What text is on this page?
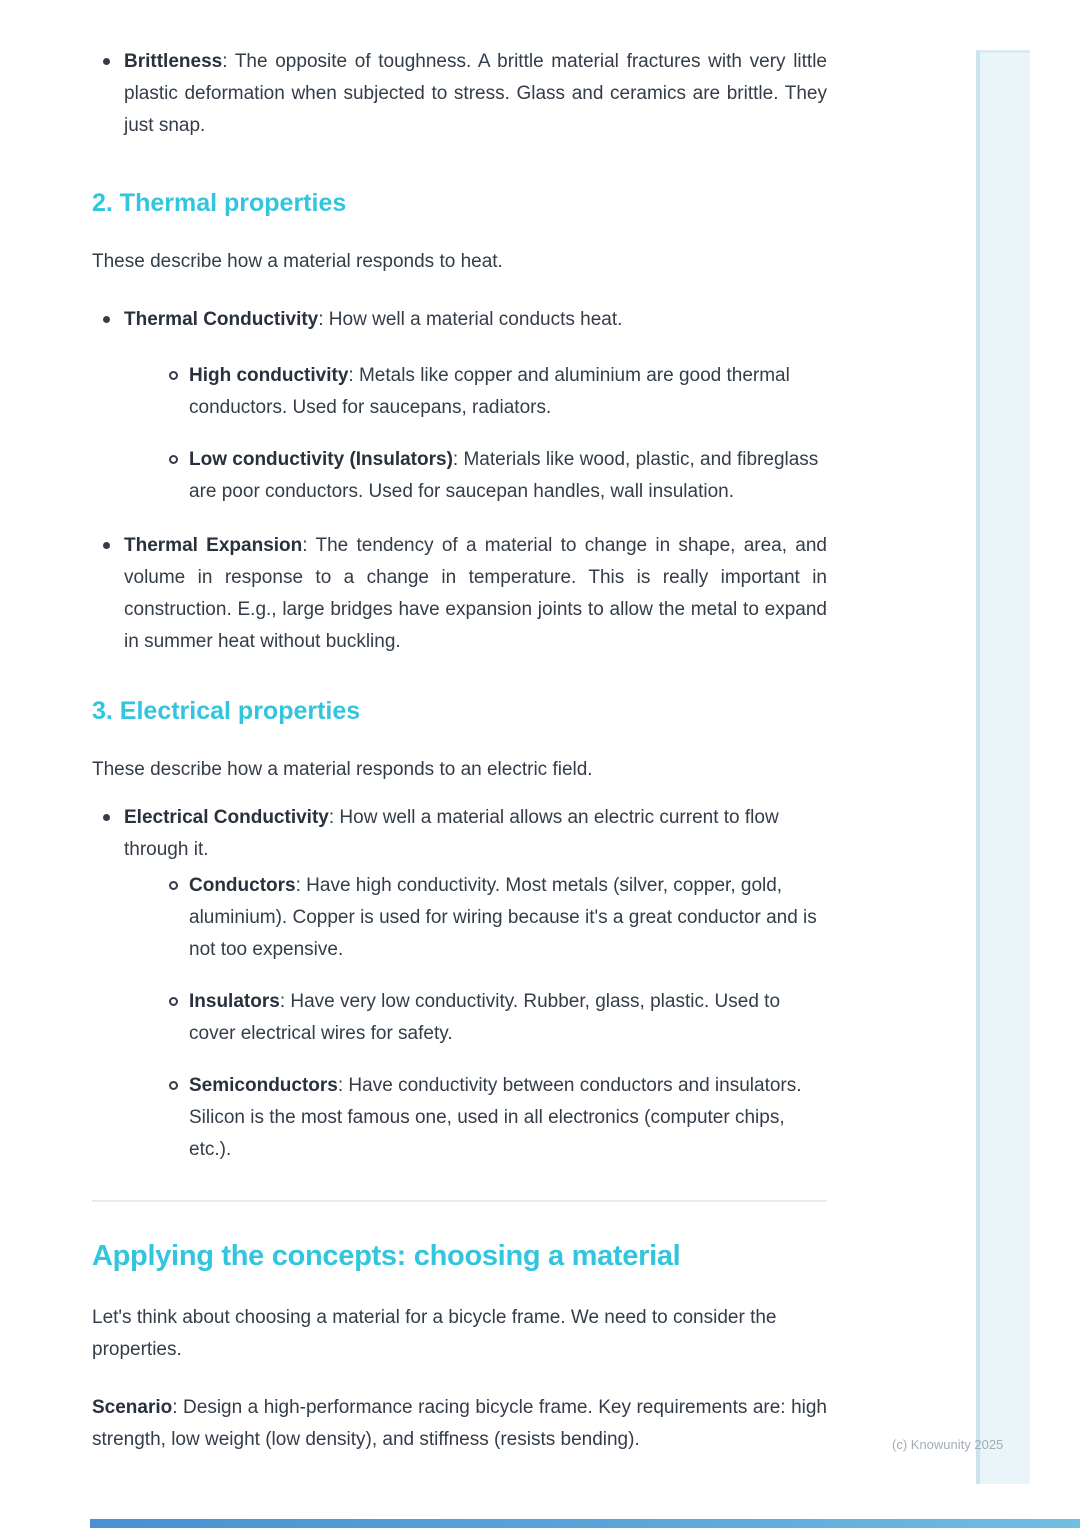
Brittleness: The opposite of toughness. A brittle material fractures with very little plastic deformation when subjected to stress. Glass and ceramics are brittle. They just snap.
2. Thermal properties

These describe how a material responds to heat.

Thermal Conductivity: How well a material conducts heat.
High conductivity: Metals like copper and aluminium are good thermal conductors. Used for saucepans, radiators.
Low conductivity (Insulators): Materials like wood, plastic, and fibreglass are poor conductors. Used for saucepan handles, wall insulation.
Thermal Expansion: The tendency of a material to change in shape, area, and volume in response to a change in temperature. This is really important in construction. E.g., large bridges have expansion joints to allow the metal to expand in summer heat without buckling.
3. Electrical properties

These describe how a material responds to an electric field.

Electrical Conductivity: How well a material allows an electric current to flow through it.
Conductors: Have high conductivity. Most metals (silver, copper, gold, aluminium). Copper is used for wiring because it's a great conductor and is not too expensive.
Insulators: Have very low conductivity. Rubber, glass, plastic. Used to cover electrical wires for safety.
Semiconductors: Have conductivity between conductors and insulators. Silicon is the most famous one, used in all electronics (computer chips, etc.).
Applying the concepts: choosing a material

Let's think about choosing a material for a bicycle frame. We need to consider the properties.

Scenario: Design a high-performance racing bicycle frame. Key requirements are: high strength, low weight (low density), and stiffness (resists bending).	(c) Knowunity 2025
